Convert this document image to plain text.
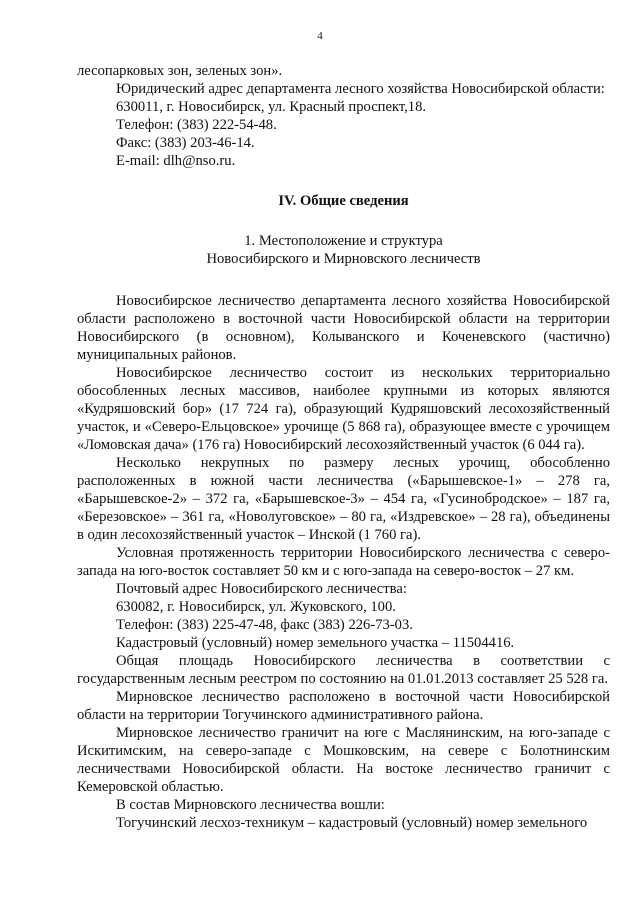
4

лесопарковых зон, зеленых зон».

Юридический адрес департамента лесного хозяйства Новосибирской области:

630011, г. Новосибирск, ул. Красный проспект,18.

Телефон: (383) 222-54-48.

Факс: (383) 203-46-14.

E-mail: dlh@nso.ru.

IV. Общие сведения

1. Местоположение и структура
Новосибирского и Мирновского лесничеств

Новосибирское лесничество департамента лесного хозяйства Новосибирской области расположено в восточной части Новосибирской области на территории Новосибирского (в основном), Колыванского и Коченевского (частично) муниципальных районов.

Новосибирское лесничество состоит из нескольких территориально обособленных лесных массивов, наиболее крупными из которых являются «Кудряшовский бор» (17 724 га), образующий Кудряшовский лесохозяйственный участок, и «Северо-Ельцовское» урочище (5 868 га), образующее вместе с урочищем «Ломовская дача» (176 га) Новосибирский лесохозяйственный участок (6 044 га).

Несколько некрупных по размеру лесных урочищ, обособленно расположенных в южной части лесничества («Барышевское-1» – 278 га, «Барышевское-2» – 372 га, «Барышевское-3» – 454 га, «Гусинобродское» – 187 га, «Березовское» – 361 га, «Новолуговское» – 80 га, «Издревское» – 28 га), объединены в один лесохозяйственный участок – Инской (1 760 га).

Условная протяженность территории Новосибирского лесничества с северо-запада на юго-восток составляет 50 км и с юго-запада на северо-восток – 27 км.

Почтовый адрес Новосибирского лесничества:

630082, г. Новосибирск, ул. Жуковского, 100.

Телефон: (383) 225-47-48, факс (383) 226-73-03.

Кадастровый (условный) номер земельного участка – 11504416.

Общая площадь Новосибирского лесничества в соответствии с государственным лесным реестром по состоянию на 01.01.2013 составляет 25 528 га.

Мирновское лесничество расположено в восточной части Новосибирской области на территории Тогучинского административного района.

Мирновское лесничество граничит на юге с Маслянинским, на юго-западе с Искитимским, на северо-западе с Мошковским, на севере с Болотнинским лесничествами Новосибирской области. На востоке лесничество граничит с Кемеровской областью.

В состав Мирновского лесничества вошли:

Тогучинский лесхоз-техникум – кадастровый (условный) номер земельного
